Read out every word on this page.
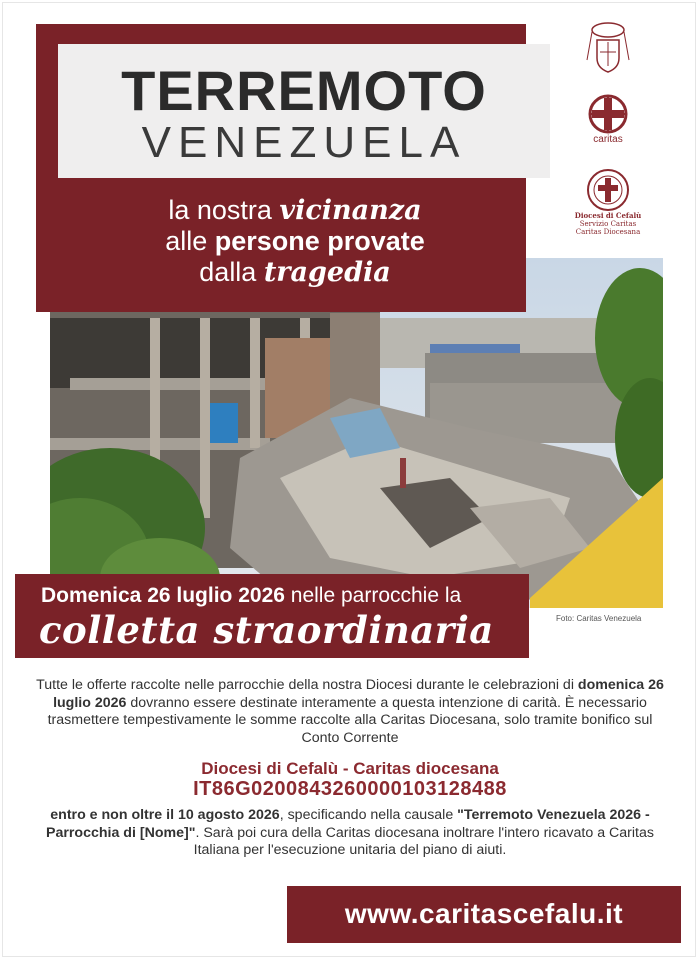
Foto: Caritas Venezuela
TERREMOTO
VENEZUELA
la nostra vicinanza
alle persone provate
dalla tragedia
caritas
Diocesi di Cefalù
Servizio Caritas
Caritas Diocesana
Domenica 26 luglio 2026 nelle parrocchie la
colletta straordinaria
Tutte le offerte raccolte nelle parrocchie della nostra Diocesi durante le celebrazioni di domenica 26 luglio 2026 dovranno essere destinate interamente a questa intenzione di carità. È necessario trasmettere tempestivamente le somme raccolte alla Caritas Diocesana, solo tramite bonifico sul Conto Corrente
Diocesi di Cefalù - Caritas diocesana
IT86G0200843260000103128488
entro e non oltre il 10 agosto 2026, specificando nella causale "Terremoto Venezuela 2026 - Parrocchia di [Nome]". Sarà poi cura della Caritas diocesana inoltrare l'intero ricavato a Caritas Italiana per l'esecuzione unitaria del piano di aiuti.
www.caritascefalu.it
